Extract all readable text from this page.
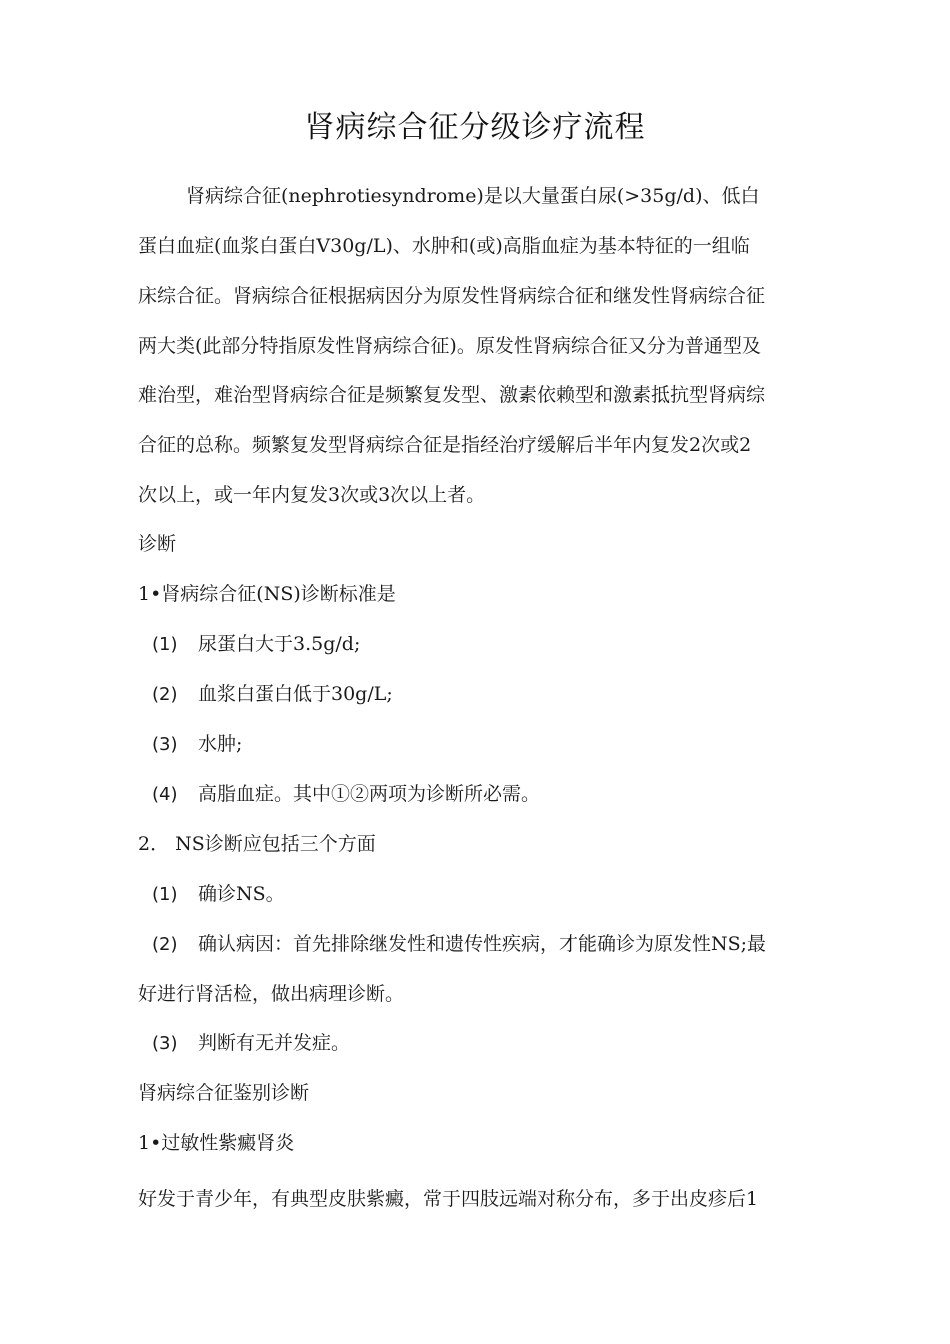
肾病综合征分级诊疗流程
肾病综合征(nephrotiesyndrome)是以大量蛋白尿(>35g/d)、低白
蛋白血症(血浆白蛋白V30g/L)、水肿和(或)高脂血症为基本特征的一组临
床综合征。肾病综合征根据病因分为原发性肾病综合征和继发性肾病综合征
两大类(此部分特指原发性肾病综合征)。原发性肾病综合征又分为普通型及
难治型，难治型肾病综合征是频繁复发型、激素依赖型和激素抵抗型肾病综
合征的总称。频繁复发型肾病综合征是指经治疗缓解后半年内复发2次或2
次以上，或一年内复发3次或3次以上者。
诊断
1•肾病综合征(NS)诊断标准是
(1) 尿蛋白大于3.5g/d;
(2) 血浆白蛋白低于30g/L;
(3) 水肿;
(4) 高脂血症。其中①②两项为诊断所必需。
2． NS诊断应包括三个方面
(1) 确诊NS。
(2) 确认病因：首先排除继发性和遗传性疾病，才能确诊为原发性NS;最
好进行肾活检，做出病理诊断。
(3) 判断有无并发症。
肾病综合征鉴别诊断
1•过敏性紫癜肾炎
好发于青少年，有典型皮肤紫癜，常于四肢远端对称分布，多于出皮疹后1
